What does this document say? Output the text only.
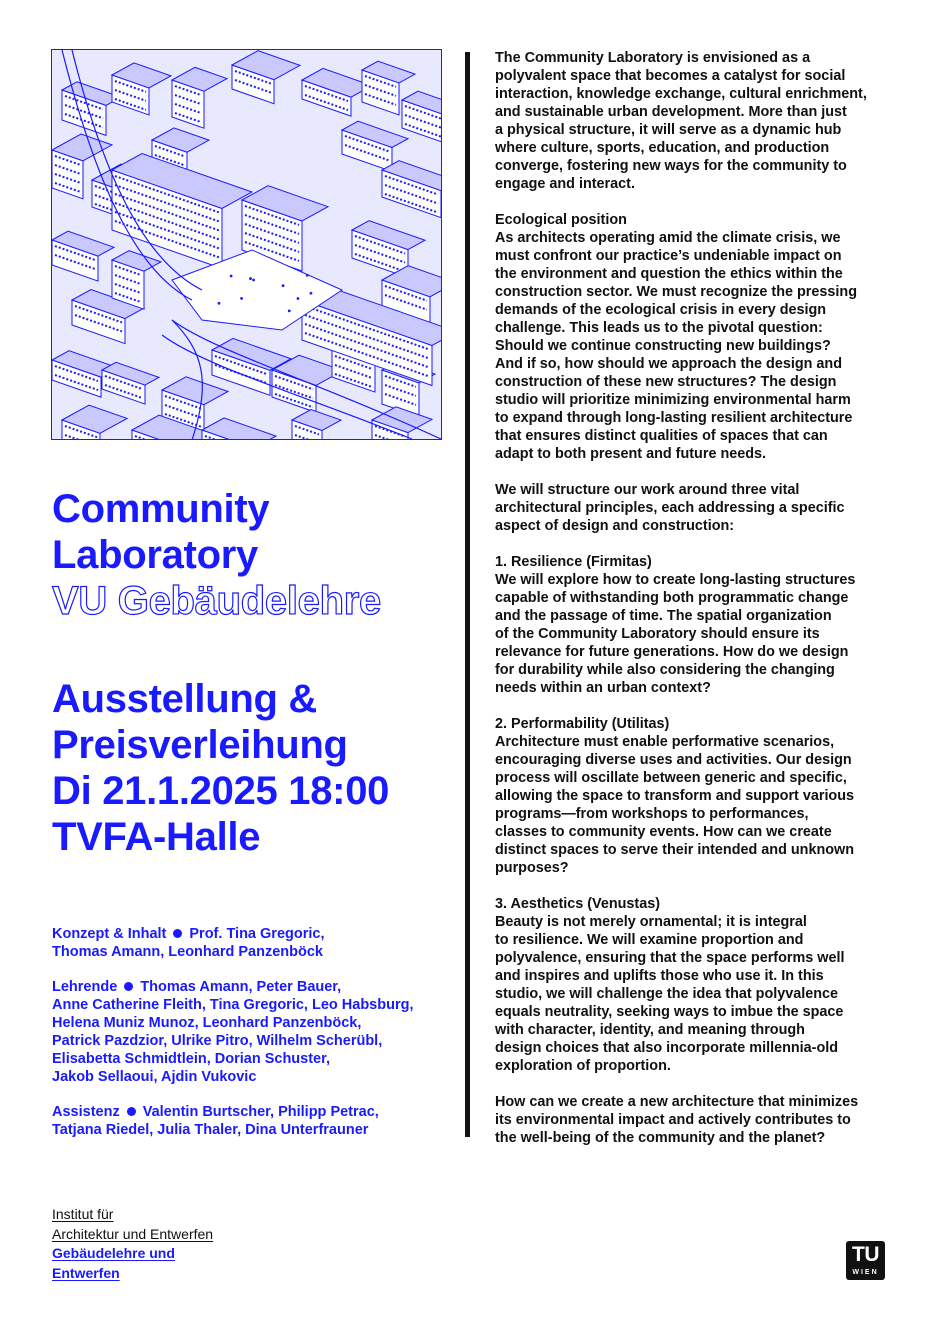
Community
Laboratory
VU Gebäudelehre
Ausstellung &
Preisverleihung
Di 21.1.2025 18:00
TVFA-Halle
Konzept & Inhalt Prof. Tina Gregoric,
Thomas Amann, Leonhard Panzenböck
Lehrende Thomas Amann, Peter Bauer,
Anne Catherine Fleith, Tina Gregoric, Leo Habsburg,
Helena Muniz Munoz, Leonhard Panzenböck,
Patrick Pazdzior, Ulrike Pitro, Wilhelm Scherübl,
Elisabetta Schmidtlein, Dorian Schuster,
Jakob Sellaoui, Ajdin Vukovic
Assistenz Valentin Burtscher, Philipp Petrac,
Tatjana Riedel, Julia Thaler, Dina Unterfrauner

The Community Laboratory is envisioned as a
polyvalent space that becomes a catalyst for social
interaction, knowledge exchange, cultural enrichment,
and sustainable urban development. More than just
a physical structure, it will serve as a dynamic hub
where culture, sports, education, and production
converge, fostering new ways for the community to
engage and interact.

Ecological position
As architects operating amid the climate crisis, we
must confront our practice’s undeniable impact on
the environment and question the ethics within the
construction sector. We must recognize the pressing
demands of the ecological crisis in every design
challenge. This leads us to the pivotal question:
Should we continue constructing new buildings?
And if so, how should we approach the design and
construction of these new structures? The design
studio will prioritize minimizing environmental harm
to expand through long-lasting resilient architecture
that ensures distinct qualities of spaces that can
adapt to both present and future needs.

We will structure our work around three vital
architectural principles, each addressing a specific
aspect of design and construction:

1. Resilience (Firmitas)
We will explore how to create long-lasting structures
capable of withstanding both programmatic change
and the passage of time. The spatial organization
of the Community Laboratory should ensure its
relevance for future generations. How do we design
for durability while also considering the changing
needs within an urban context?

2. Performability (Utilitas)
Architecture must enable performative scenarios,
encouraging diverse uses and activities. Our design
process will oscillate between generic and specific,
allowing the space to transform and support various
programs—from workshops to performances,
classes to community events. How can we create
distinct spaces to serve their intended and unknown
purposes?

3. Aesthetics (Venustas)
Beauty is not merely ornamental; it is integral
to resilience. We will examine proportion and
polyvalence, ensuring that the space performs well
and inspires and uplifts those who use it. In this
studio, we will challenge the idea that polyvalence
equals neutrality, seeking ways to imbue the space
with character, identity, and meaning through
design choices that also incorporate millennia-old
exploration of proportion.

How can we create a new architecture that minimizes
its environmental impact and actively contributes to
the well-being of the community and the planet?

Institut für
Architektur und Entwerfen
Gebäudelehre und
Entwerfen
TU
WIEN
